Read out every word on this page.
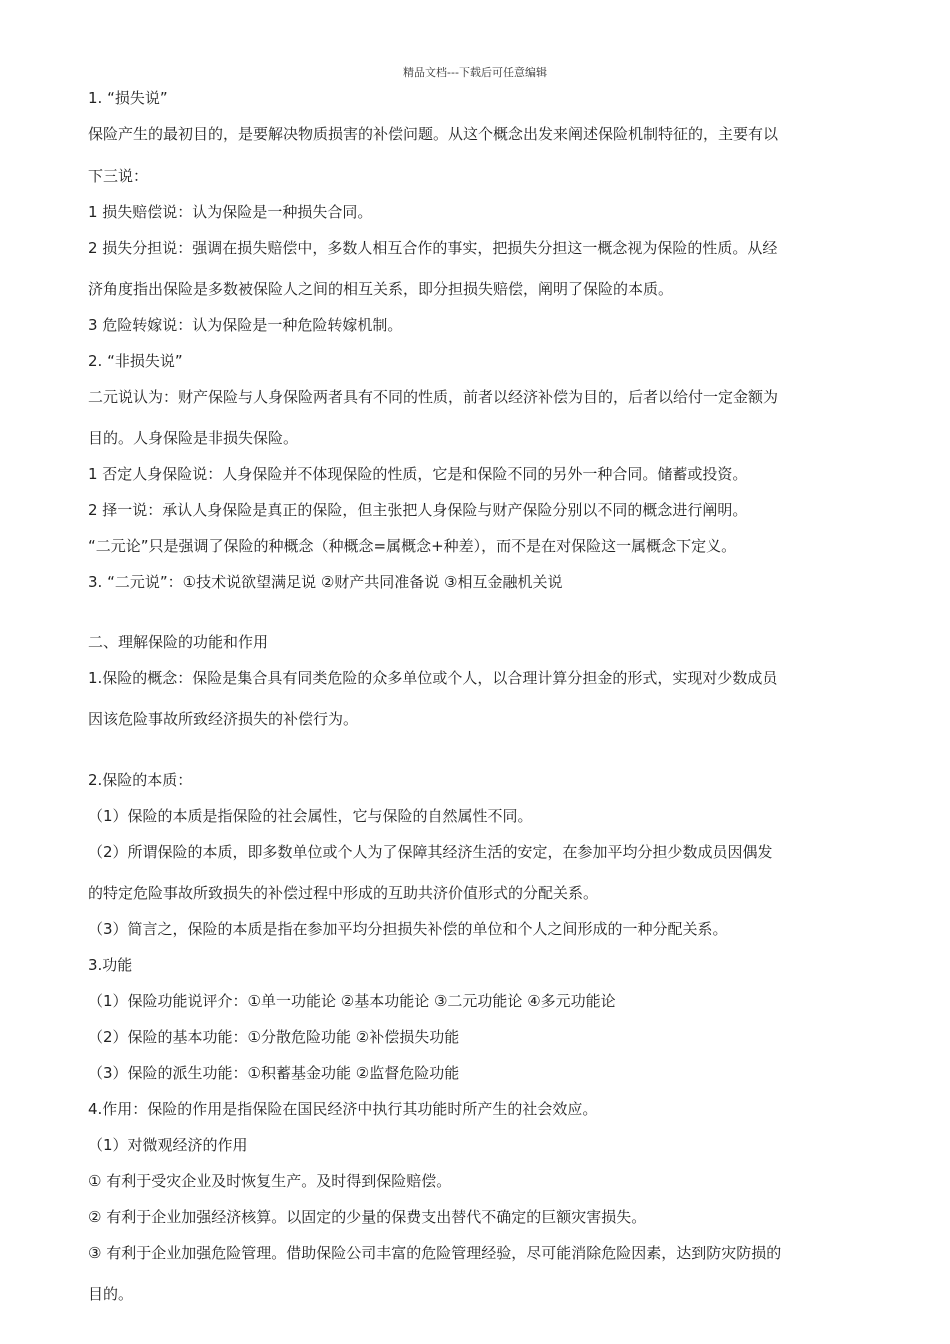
精品文档---下载后可任意编辑
1. “损失说”
保险产生的最初目的，是要解决物质损害的补偿问题。从这个概念出发来阐述保险机制特征的，主要有以
下三说：
1 损失赔偿说：认为保险是一种损失合同。
2 损失分担说：强调在损失赔偿中，多数人相互合作的事实，把损失分担这一概念视为保险的性质。从经
济角度指出保险是多数被保险人之间的相互关系，即分担损失赔偿，阐明了保险的本质。
3 危险转嫁说：认为保险是一种危险转嫁机制。
2. “非损失说”
二元说认为：财产保险与人身保险两者具有不同的性质，前者以经济补偿为目的，后者以给付一定金额为
目的。人身保险是非损失保险。
1 否定人身保险说：人身保险并不体现保险的性质，它是和保险不同的另外一种合同。储蓄或投资。
2 择一说：承认人身保险是真正的保险，但主张把人身保险与财产保险分别以不同的概念进行阐明。
“二元论”只是强调了保险的种概念（种概念=属概念+种差），而不是在对保险这一属概念下定义。
3. “二元说”：①技术说欲望满足说 ②财产共同准备说 ③相互金融机关说
二、理解保险的功能和作用
1.保险的概念：保险是集合具有同类危险的众多单位或个人，以合理计算分担金的形式，实现对少数成员
因该危险事故所致经济损失的补偿行为。
2.保险的本质：
（1）保险的本质是指保险的社会属性，它与保险的自然属性不同。
（2）所谓保险的本质，即多数单位或个人为了保障其经济生活的安定，在参加平均分担少数成员因偶发
的特定危险事故所致损失的补偿过程中形成的互助共济价值形式的分配关系。
（3）简言之，保险的本质是指在参加平均分担损失补偿的单位和个人之间形成的一种分配关系。
3.功能
（1）保险功能说评介：①单一功能论 ②基本功能论 ③二元功能论 ④多元功能论
（2）保险的基本功能：①分散危险功能 ②补偿损失功能
（3）保险的派生功能：①积蓄基金功能 ②监督危险功能
4.作用：保险的作用是指保险在国民经济中执行其功能时所产生的社会效应。
（1）对微观经济的作用
① 有利于受灾企业及时恢复生产。及时得到保险赔偿。
② 有利于企业加强经济核算。以固定的少量的保费支出替代不确定的巨额灾害损失。
③ 有利于企业加强危险管理。借助保险公司丰富的危险管理经验，尽可能消除危险因素，达到防灾防损的
目的。
